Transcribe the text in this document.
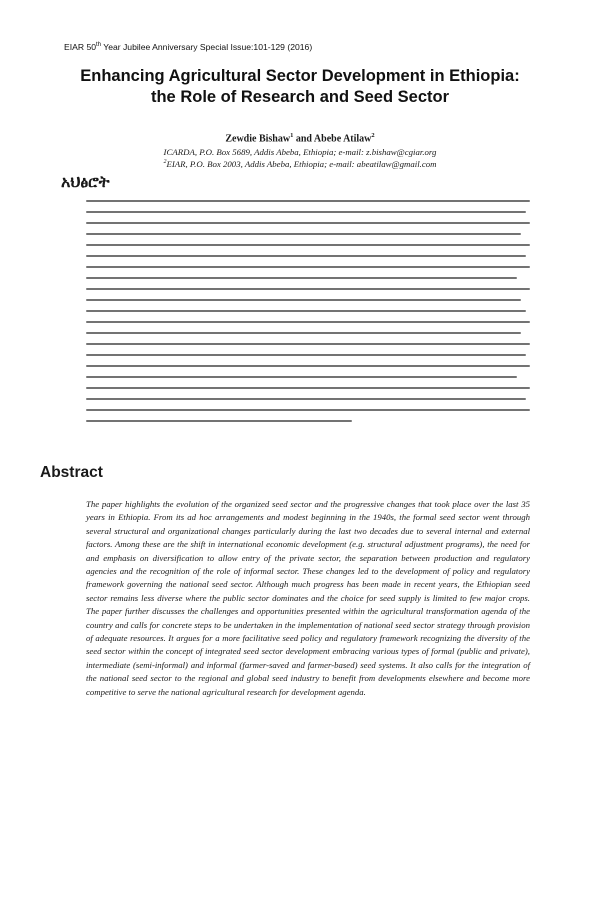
EIAR 50th Year Jubilee Anniversary Special Issue:101-129 (2016)
Enhancing Agricultural Sector Development in Ethiopia:
the Role of Research and Seed Sector
Zewdie Bishaw$^1$ and Abebe Atilaw$^2$
ICARDA, P.O. Box 5689, Addis Abeba, Ethiopia; e-mail: z.bishaw@cgiar.org
$^2$EIAR, P.O. Box 2003, Addis Abeba, Ethiopia; e-mail: abeatilaw@gmail.com
አህፅሮት
Abstract
The paper highlights the evolution of the organized seed sector and the progressive changes that took place over the last 35 years in Ethiopia. From its ad hoc arrangements and modest beginning in the 1940s, the formal seed sector went through several structural and organizational changes particularly during the last two decades due to several internal and external factors. Among these are the shift in international economic development (e.g. structural adjustment programs), the need for and emphasis on diversification to allow entry of the private sector, the separation between production and regulatory agencies and the recognition of the role of informal sector. These changes led to the development of policy and regulatory framework governing the national seed sector. Although much progress has been made in recent years, the Ethiopian seed sector remains less diverse where the public sector dominates and the choice for seed supply is limited to few major crops. The paper further discusses the challenges and opportunities presented within the agricultural transformation agenda of the country and calls for concrete steps to be undertaken in the implementation of national seed sector strategy through provision of adequate resources. It argues for a more facilitative seed policy and regulatory framework recognizing the diversity of the seed sector within the concept of integrated seed sector development embracing various types of formal (public and private), intermediate (semi-informal) and informal (farmer-saved and farmer-based) seed systems. It also calls for the integration of the national seed sector to the regional and global seed industry to benefit from developments elsewhere and become more competitive to serve the national agricultural research for development agenda.
